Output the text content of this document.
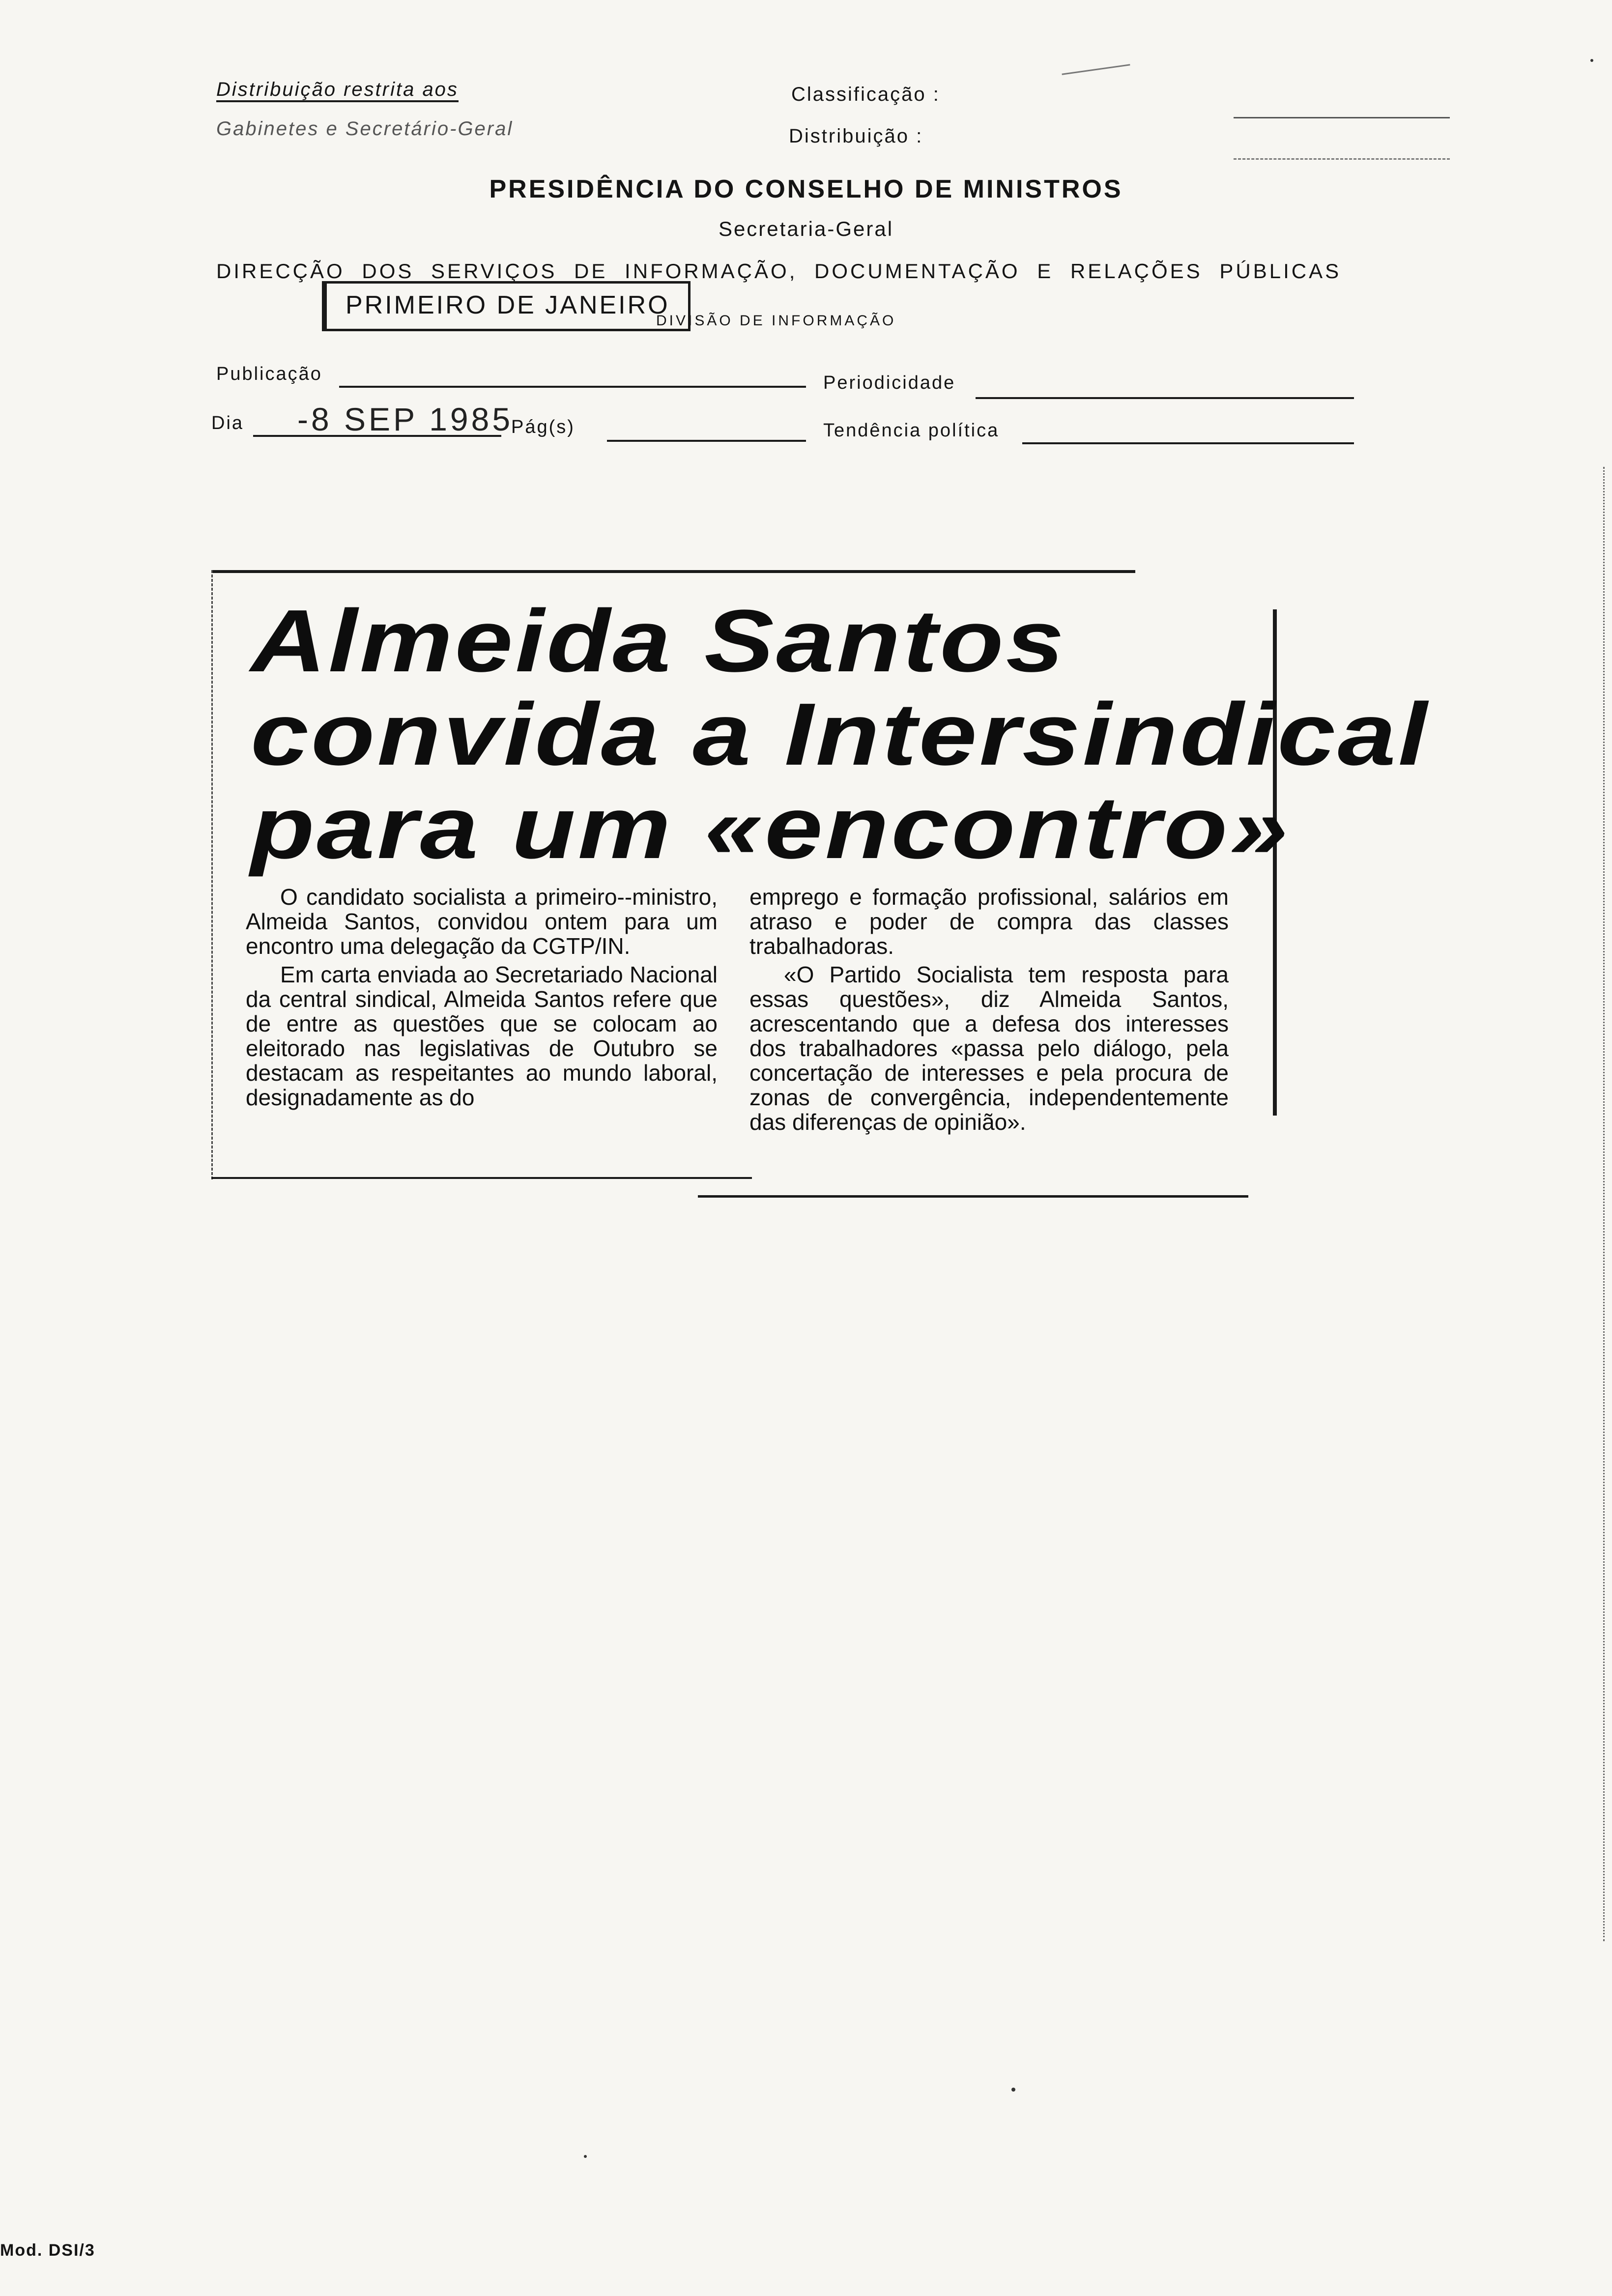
Distribuição restrita aos
Gabinetes e Secretário-Geral
Classificação :
Distribuição :
PRESIDÊNCIA DO CONSELHO DE MINISTROS
Secretaria-Geral
DIRECÇÃO DOS SERVIÇOS DE INFORMAÇÃO, DOCUMENTAÇÃO E RELAÇÕES PÚBLICAS
PRIMEIRO DE JANEIRO
DIVISÃO DE INFORMAÇÃO
Publicação	Periodicidade
Dia -8 SEP 1985
Pág(s)	Tendência política
Almeida Santos
convida a Intersindical
para um «encontro»

O candidato socialista a primeiro--ministro, Almeida Santos, convidou ontem para um encontro uma delegação da CGTP/IN.

Em carta enviada ao Secretariado Nacional da central sindical, Almeida Santos refere que de entre as questões que se colocam ao eleitorado nas legislativas de Outubro se destacam as respeitantes ao mundo laboral, designadamente as do

emprego e formação profissional, salários em atraso e poder de compra das classes trabalhadoras.

«O Partido Socialista tem resposta para essas questões», diz Almeida Santos, acrescentando que a defesa dos interesses dos trabalhadores «passa pelo diálogo, pela concertação de interesses e pela procura de zonas de convergência, independentemente das diferenças de opinião».

Mod. DSI/3
